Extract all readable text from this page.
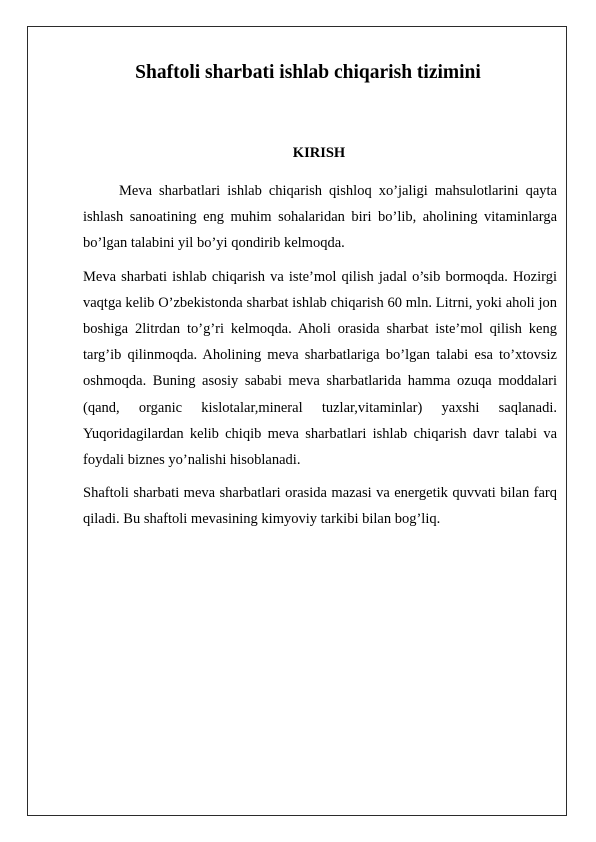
Shaftoli sharbati ishlab chiqarish tizimini
KIRISH

Meva sharbatlari ishlab chiqarish qishloq xo’jaligi mahsulotlarini qayta ishlash sanoatining eng muhim sohalaridan biri bo’lib, aholining vitaminlarga bo’lgan talabini yil bo’yi qondirib kelmoqda.

Meva sharbati ishlab chiqarish va iste’mol qilish jadal o’sib bormoqda. Hozirgi vaqtga kelib O’zbekistonda sharbat ishlab chiqarish 60 mln. Litrni, yoki aholi jon boshiga 2litrdan to’g’ri kelmoqda. Aholi orasida sharbat iste’mol qilish keng targ’ib qilinmoqda. Aholining meva sharbatlariga bo’lgan talabi esa to’xtovsiz oshmoqda. Buning asosiy sababi meva sharbatlarida hamma ozuqa moddalari (qand, organic kislotalar,mineral tuzlar,vitaminlar) yaxshi saqlanadi. Yuqoridagilardan kelib chiqib meva sharbatlari ishlab chiqarish davr talabi va foydali biznes yo’nalishi hisoblanadi.

Shaftoli sharbati meva sharbatlari orasida mazasi va energetik quvvati bilan farq qiladi. Bu shaftoli mevasining kimyoviy tarkibi bilan bog’liq.
